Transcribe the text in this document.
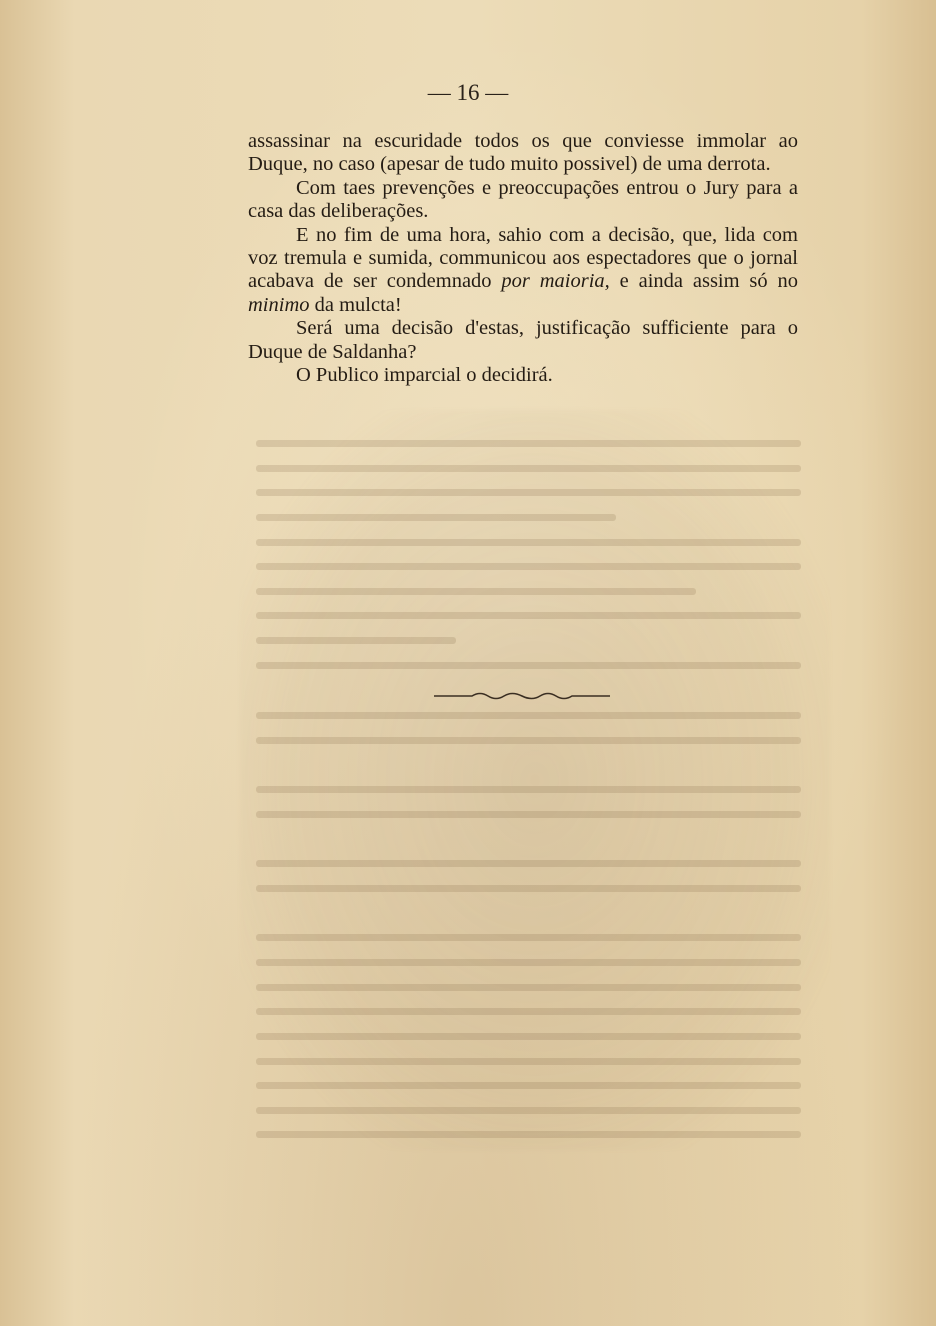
— 16 —

assassinar na escuridade todos os que conviesse immolar ao Duque, no caso (apesar de tudo muito possivel) de uma derrota.

Com taes prevenções e preoccupações entrou o Jury para a casa das deliberações.

E no fim de uma hora, sahio com a decisão, que, lida com voz tremula e sumida, communicou aos espectadores que o jornal acabava de ser condemnado por maioria, e ainda assim só no minimo da mulcta!

Será uma decisão d'estas, justificação sufficiente para o Duque de Saldanha?

O Publico imparcial o decidirá.
